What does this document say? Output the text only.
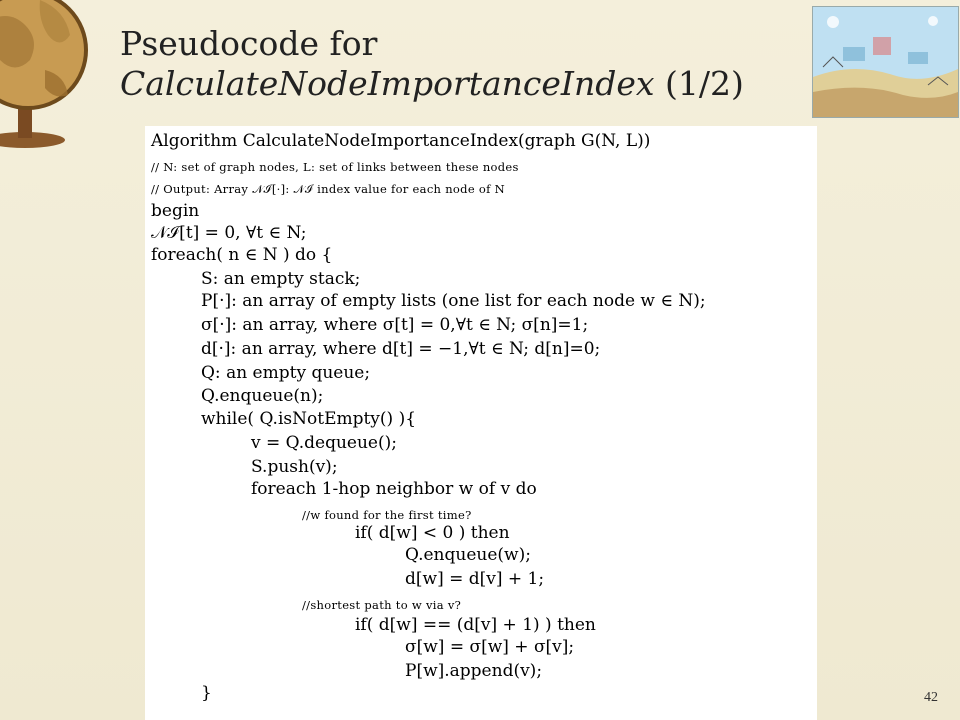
Pseudocode for
CalculateNodeImportanceIndex (1/2)
Algorithm CalculateNodeImportanceIndex(graph G(N, L))
// N: set of graph nodes, L: set of links between these nodes
// Output: Array 𝒩ℐ[·]: 𝒩ℐ index value for each node of N
begin
𝒩ℐ[t] = 0, ∀t ∈ N;
foreach( n ∈ N ) do {
S: an empty stack;
P[·]: an array of empty lists (one list for each node w ∈ N);
σ[·]: an array, where σ[t] = 0,∀t ∈ N; σ[n]=1;
d[·]: an array, where d[t] = −1,∀t ∈ N; d[n]=0;
Q: an empty queue;
Q.enqueue(n);
while( Q.isNotEmpty() ){
v = Q.dequeue();
S.push(v);
foreach 1-hop neighbor w of v do
//w found for the first time?
if( d[w] < 0 ) then
Q.enqueue(w);
d[w] = d[v] + 1;
//shortest path to w via v?
if( d[w] == (d[v] + 1) ) then
σ[w] = σ[w] + σ[v];
P[w].append(v);
}	42
